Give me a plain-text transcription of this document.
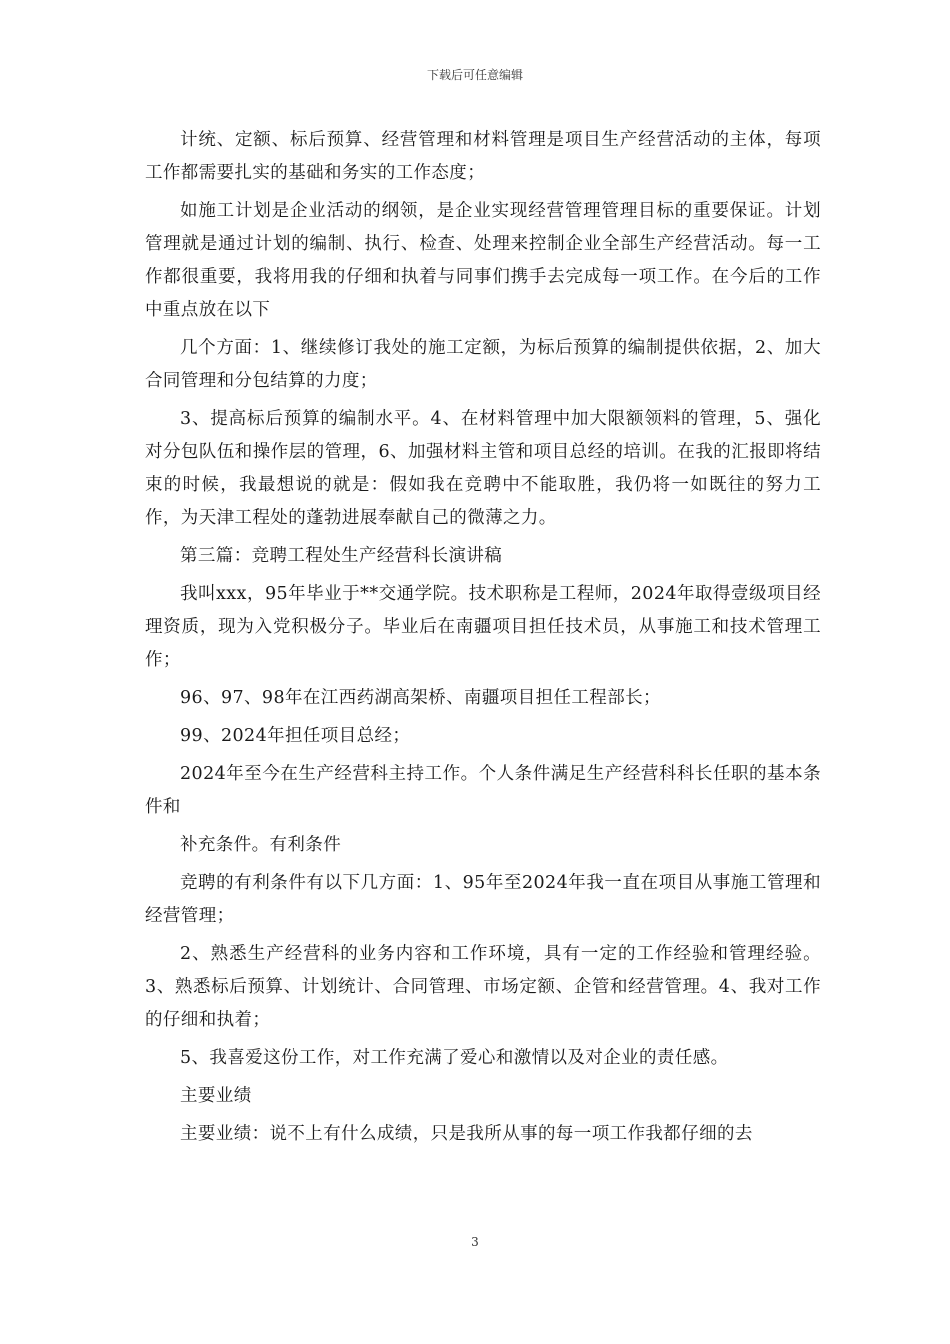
下载后可任意编辑

计统、定额、标后预算、经营管理和材料管理是项目生产经营活动的主体，每项工作都需要扎实的基础和务实的工作态度；

如施工计划是企业活动的纲领，是企业实现经营管理管理目标的重要保证。计划管理就是通过计划的编制、执行、检查、处理来控制企业全部生产经营活动。每一工作都很重要，我将用我的仔细和执着与同事们携手去完成每一项工作。在今后的工作中重点放在以下

几个方面：1、继续修订我处的施工定额，为标后预算的编制提供依据，2、加大合同管理和分包结算的力度；

3、提高标后预算的编制水平。4、在材料管理中加大限额领料的管理，5、强化对分包队伍和操作层的管理，6、加强材料主管和项目总经的培训。在我的汇报即将结束的时候，我最想说的就是：假如我在竞聘中不能取胜，我仍将一如既往的努力工作，为天津工程处的蓬勃进展奉献自己的微薄之力。

第三篇：竞聘工程处生产经营科长演讲稿

我叫xxx，95年毕业于**交通学院。技术职称是工程师，2024年取得壹级项目经理资质，现为入党积极分子。毕业后在南疆项目担任技术员，从事施工和技术管理工作；

96、97、98年在江西药湖高架桥、南疆项目担任工程部长；

99、2024年担任项目总经；

2024年至今在生产经营科主持工作。个人条件满足生产经营科科长任职的基本条件和

补充条件。有利条件

竞聘的有利条件有以下几方面：1、95年至2024年我一直在项目从事施工管理和经营管理；

2、熟悉生产经营科的业务内容和工作环境，具有一定的工作经验和管理经验。3、熟悉标后预算、计划统计、合同管理、市场定额、企管和经营管理。4、我对工作的仔细和执着；

5、我喜爱这份工作，对工作充满了爱心和激情以及对企业的责任感。

主要业绩

主要业绩：说不上有什么成绩，只是我所从事的每一项工作我都仔细的去

3
